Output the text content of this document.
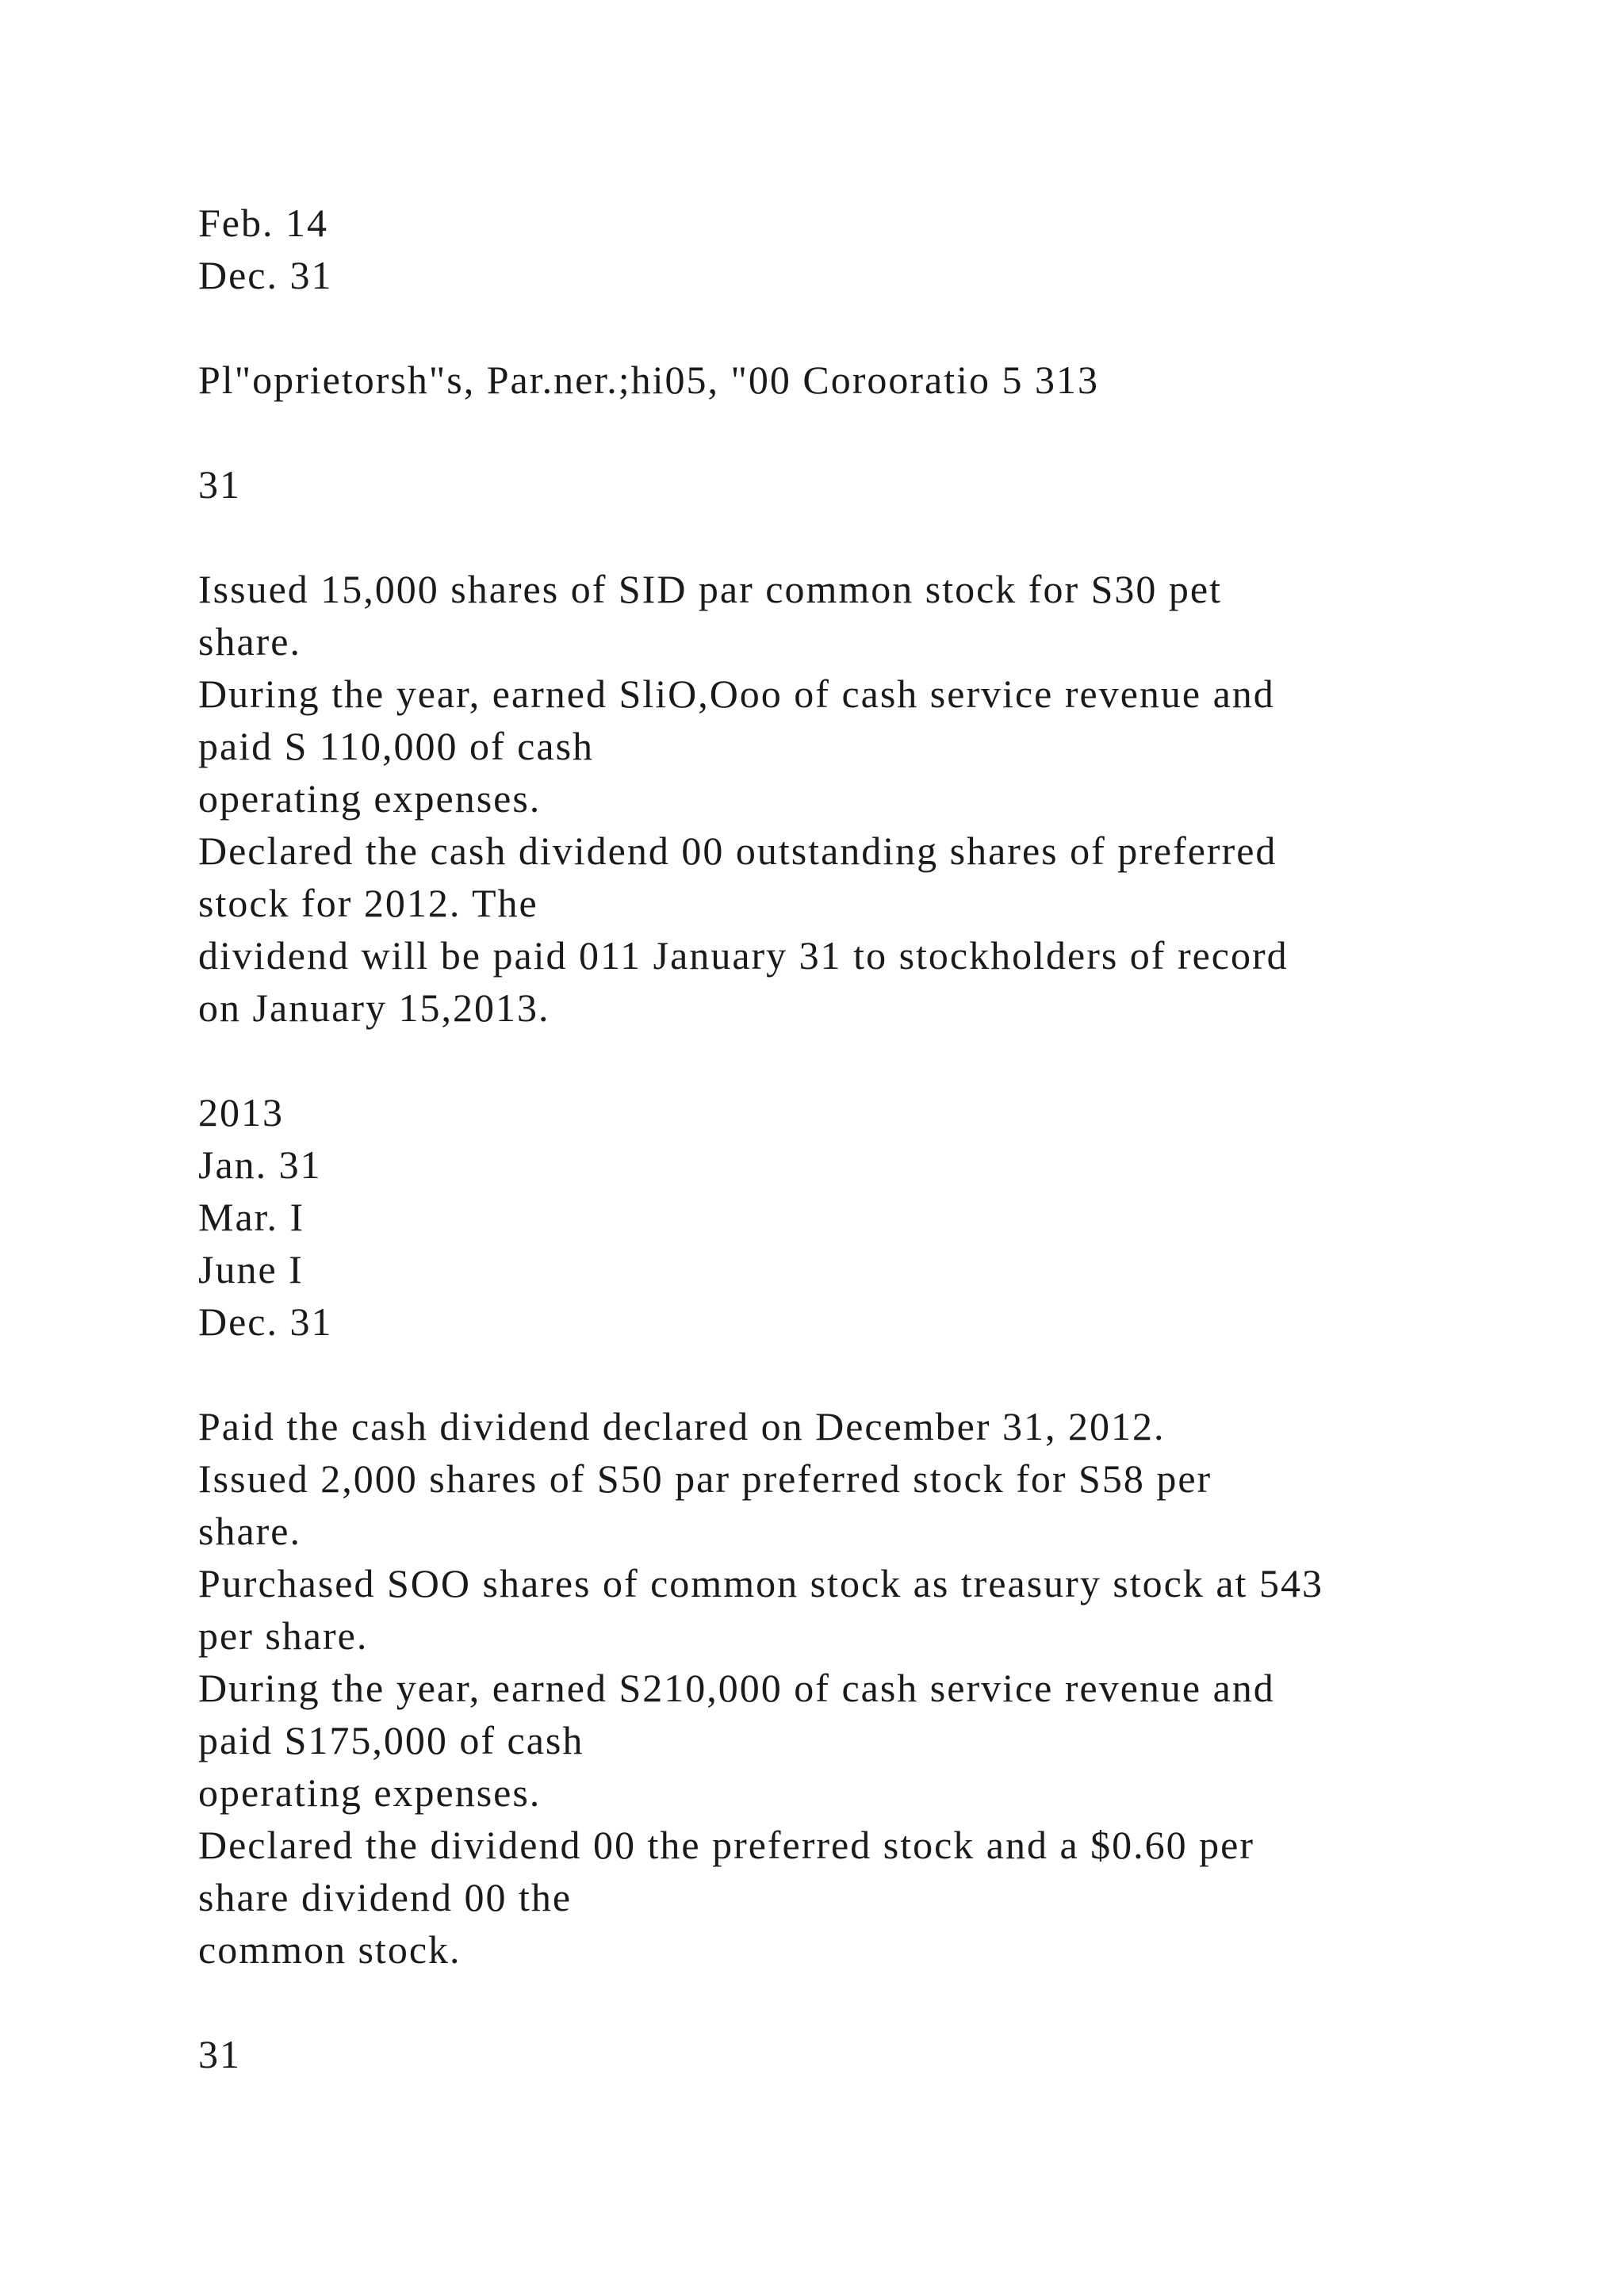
Feb. 14
Dec. 31
Pl"oprietorsh"s, Par.ner.;hi05, "00 Corooratio 5 313
31
Issued 15,000 shares of SID par common stock for S30 pet
share.
During the year, earned SliO,Ooo of cash service revenue and
paid S 110,000 of cash
operating expenses.
Declared the cash dividend 00 outstanding shares of preferred
stock for 2012. The
dividend will be paid 011 January 31 to stockholders of record
on January 15,2013.
2013
Jan. 31
Mar. I
June I
Dec. 31
Paid the cash dividend declared on December 31, 2012.
Issued 2,000 shares of S50 par preferred stock for S58 per
share.
Purchased SOO shares of common stock as treasury stock at 543
per share.
During the year, earned S210,000 of cash service revenue and
paid S175,000 of cash
operating expenses.
Declared the dividend 00 the preferred stock and a $0.60 per
share dividend 00 the
common stock.
31
